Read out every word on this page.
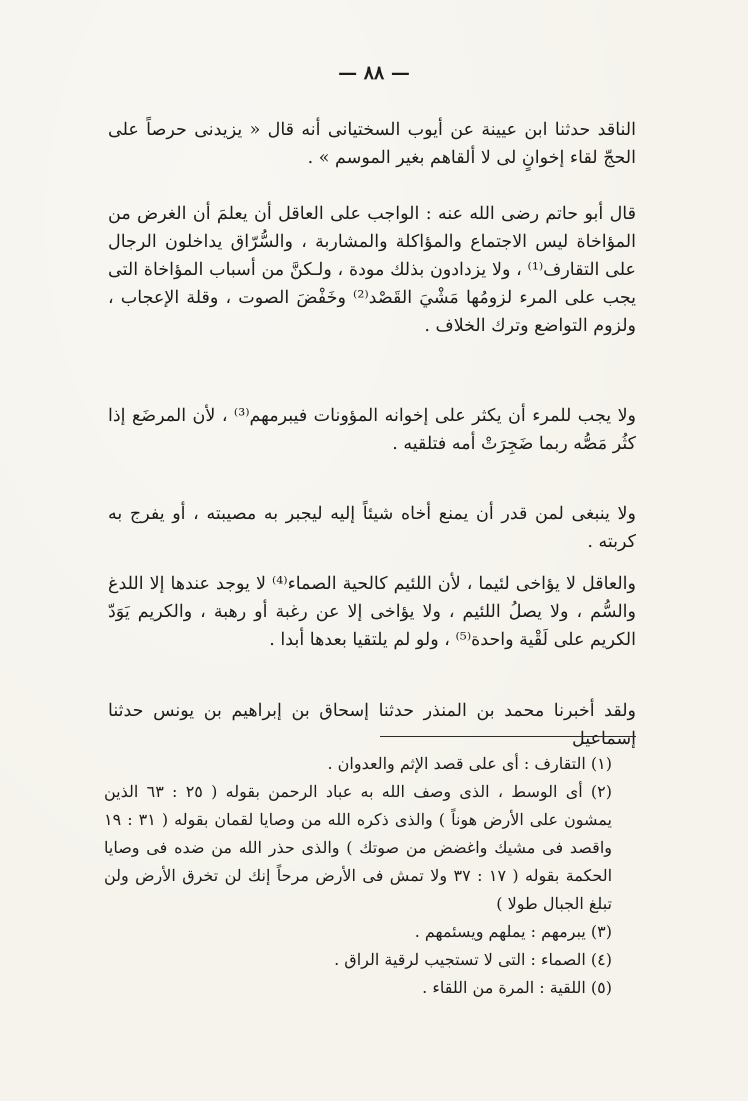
— ٨٨ —

الناقد حدثنا ابن عيينة عن أيوب السختيانى أنه قال « يزيدنى حرصاً على الحجّ لقاء إخوانٍ لى لا ألقاهم بغير الموسم » .

قال أبو حاتم رضى الله عنه : الواجب على العاقل أن يعلمَ أن الغرض من المؤاخاة ليس الاجتماع والمؤاكلة والمشاربة ، والسُّرّاق يداخلون الرجال على التقارف⁽¹⁾ ، ولا يزدادون بذلك مودة ، ولـكنَّ من أسباب المؤاخاة التى يجب على المرء لزومُها مَشْيَ القَصْد⁽²⁾ وخَفْضَ الصوت ، وقلة الإعجاب ، ولزوم التواضع وترك الخلاف .

ولا يجب للمرء أن يكثر على إخوانه المؤونات فيبرمهم⁽³⁾ ، لأن المرضَع إذا كثُر مَصُّه ربما ضَجِرَتْ أمه فتلقيه .

ولا ينبغى لمن قدر أن يمنع أخاه شيئاً إليه ليجبر به مصيبته ، أو يفرج به كربته .

والعاقل لا يؤاخى لئيما ، لأن اللئيم كالحية الصماء⁽⁴⁾ لا يوجد عندها إلا اللدغ والسُّم ، ولا يصلُ اللئيم ، ولا يؤاخى إلا عن رغبة أو رهبة ، والكريم يَوَدّ الكريم على لَقْية واحدة⁽⁵⁾ ، ولو لم يلتقيا بعدها أبدا .

ولقد أخبرنا محمد بن المنذر حدثنا إسحاق بن إبراهيم بن يونس حدثنا إسماعيل

(١) التقارف : أى على قصد الإثم والعدوان .

(٢) أى الوسط ، الذى وصف الله به عباد الرحمن بقوله ( ٢٥ : ٦٣ الذين يمشون على الأرض هوناً ) والذى ذكره الله من وصايا لقمان بقوله ( ٣١ : ١٩ واقصد فى مشيك واغضض من صوتك ) والذى حذر الله من ضده فى وصايا الحكمة بقوله ( ١٧ : ٣٧ ولا تمش فى الأرض مرحاً إنك لن تخرق الأرض ولن تبلغ الجبال طولا )

(٣) يبرمهم : يملهم ويسئمهم .

(٤) الصماء : التى لا تستجيب لرقية الراق .

(٥) اللقية : المرة من اللقاء .
